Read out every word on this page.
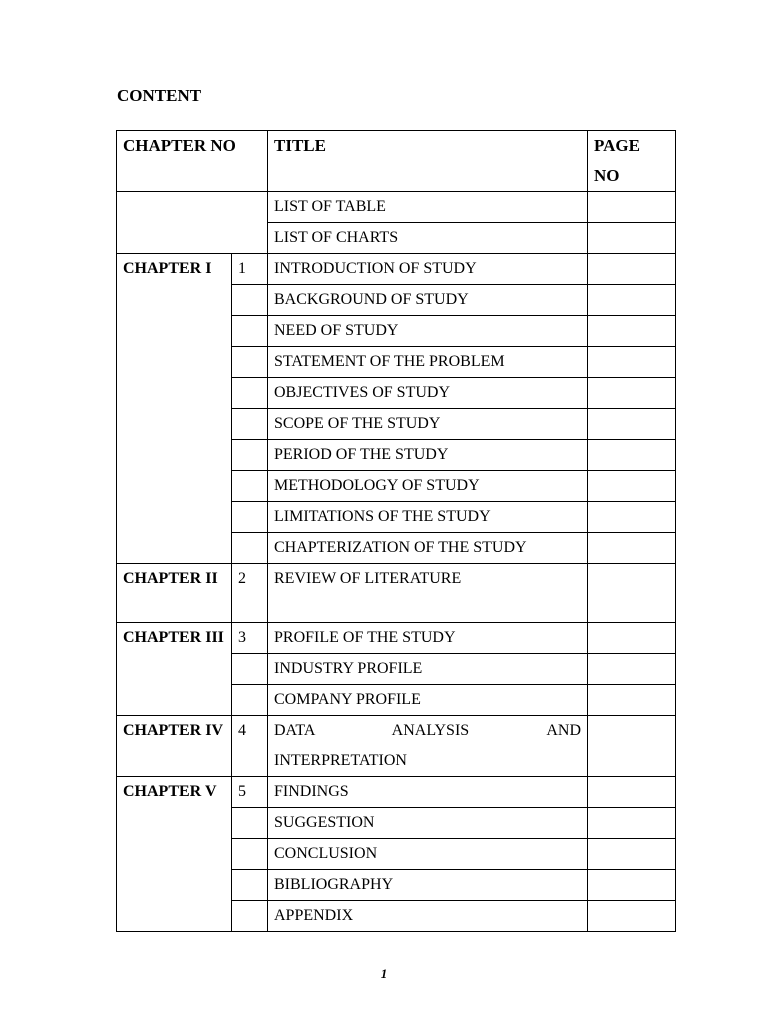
CONTENT
CHAPTER NO		TITLE	PAGE NO
		LIST OF TABLE	
		LIST OF CHARTS	
CHAPTER I	1	INTRODUCTION OF STUDY	
		BACKGROUND OF STUDY	
		NEED OF STUDY	
		STATEMENT OF THE PROBLEM	
		OBJECTIVES OF STUDY	
		SCOPE OF THE STUDY	
		PERIOD OF THE STUDY	
		METHODOLOGY OF STUDY	
		LIMITATIONS OF THE STUDY	
		CHAPTERIZATION OF THE STUDY	
CHAPTER II	2	REVIEW OF LITERATURE	
CHAPTER III	3	PROFILE OF THE STUDY	
		INDUSTRY PROFILE	
		COMPANY PROFILE	
CHAPTER IV	4	DATA ANALYSIS AND
INTERPRETATION	

CHAPTER V	5	FINDINGS	
		SUGGESTION	
		CONCLUSION	
		BIBLIOGRAPHY	
		APPENDIX	
1
